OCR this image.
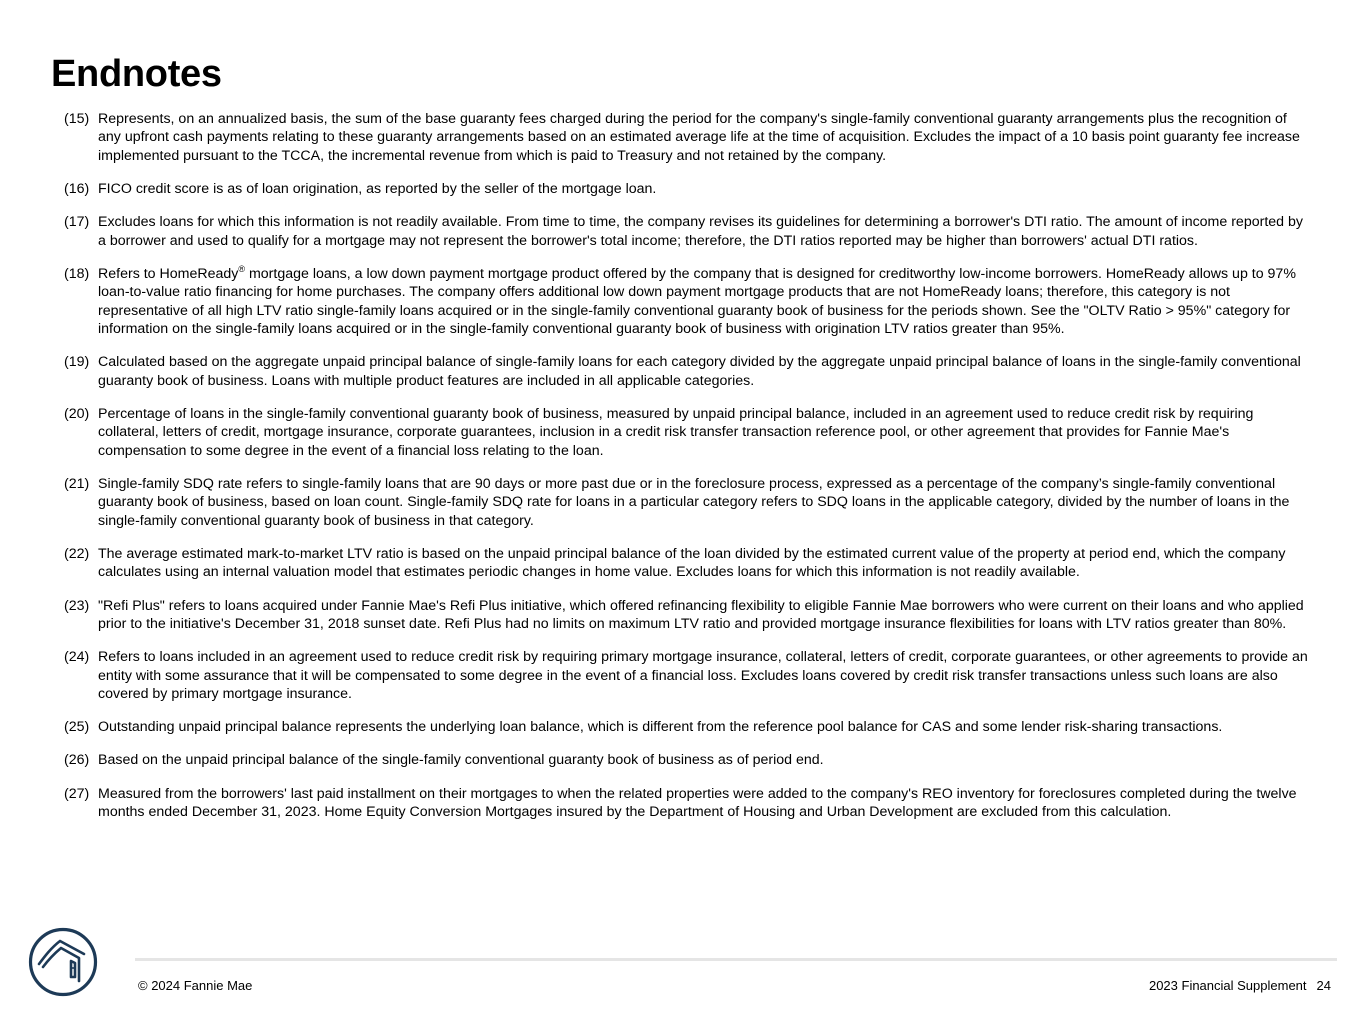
Endnotes
(15) Represents, on an annualized basis, the sum of the base guaranty fees charged during the period for the company's single-family conventional guaranty arrangements plus the recognition of any upfront cash payments relating to these guaranty arrangements based on an estimated average life at the time of acquisition. Excludes the impact of a 10 basis point guaranty fee increase implemented pursuant to the TCCA, the incremental revenue from which is paid to Treasury and not retained by the company.
(16) FICO credit score is as of loan origination, as reported by the seller of the mortgage loan.
(17) Excludes loans for which this information is not readily available. From time to time, the company revises its guidelines for determining a borrower's DTI ratio. The amount of income reported by a borrower and used to qualify for a mortgage may not represent the borrower's total income; therefore, the DTI ratios reported may be higher than borrowers' actual DTI ratios.
(18) Refers to HomeReady® mortgage loans, a low down payment mortgage product offered by the company that is designed for creditworthy low-income borrowers. HomeReady allows up to 97% loan-to-value ratio financing for home purchases. The company offers additional low down payment mortgage products that are not HomeReady loans; therefore, this category is not representative of all high LTV ratio single-family loans acquired or in the single-family conventional guaranty book of business for the periods shown. See the "OLTV Ratio > 95%" category for information on the single-family loans acquired or in the single-family conventional guaranty book of business with origination LTV ratios greater than 95%.
(19) Calculated based on the aggregate unpaid principal balance of single-family loans for each category divided by the aggregate unpaid principal balance of loans in the single-family conventional guaranty book of business. Loans with multiple product features are included in all applicable categories.
(20) Percentage of loans in the single-family conventional guaranty book of business, measured by unpaid principal balance, included in an agreement used to reduce credit risk by requiring collateral, letters of credit, mortgage insurance, corporate guarantees, inclusion in a credit risk transfer transaction reference pool, or other agreement that provides for Fannie Mae's compensation to some degree in the event of a financial loss relating to the loan.
(21) Single-family SDQ rate refers to single-family loans that are 90 days or more past due or in the foreclosure process, expressed as a percentage of the company’s single-family conventional guaranty book of business, based on loan count. Single-family SDQ rate for loans in a particular category refers to SDQ loans in the applicable category, divided by the number of loans in the single-family conventional guaranty book of business in that category.
(22) The average estimated mark-to-market LTV ratio is based on the unpaid principal balance of the loan divided by the estimated current value of the property at period end, which the company calculates using an internal valuation model that estimates periodic changes in home value. Excludes loans for which this information is not readily available.
(23) "Refi Plus" refers to loans acquired under Fannie Mae's Refi Plus initiative, which offered refinancing flexibility to eligible Fannie Mae borrowers who were current on their loans and who applied prior to the initiative's December 31, 2018 sunset date. Refi Plus had no limits on maximum LTV ratio and provided mortgage insurance flexibilities for loans with LTV ratios greater than 80%.
(24) Refers to loans included in an agreement used to reduce credit risk by requiring primary mortgage insurance, collateral, letters of credit, corporate guarantees, or other agreements to provide an entity with some assurance that it will be compensated to some degree in the event of a financial loss. Excludes loans covered by credit risk transfer transactions unless such loans are also covered by primary mortgage insurance.
(25) Outstanding unpaid principal balance represents the underlying loan balance, which is different from the reference pool balance for CAS and some lender risk-sharing transactions.
(26) Based on the unpaid principal balance of the single-family conventional guaranty book of business as of period end.
(27) Measured from the borrowers' last paid installment on their mortgages to when the related properties were added to the company's REO inventory for foreclosures completed during the twelve months ended December 31, 2023. Home Equity Conversion Mortgages insured by the Department of Housing and Urban Development are excluded from this calculation.
© 2024 Fannie Mae	2023 Financial Supplement 24
